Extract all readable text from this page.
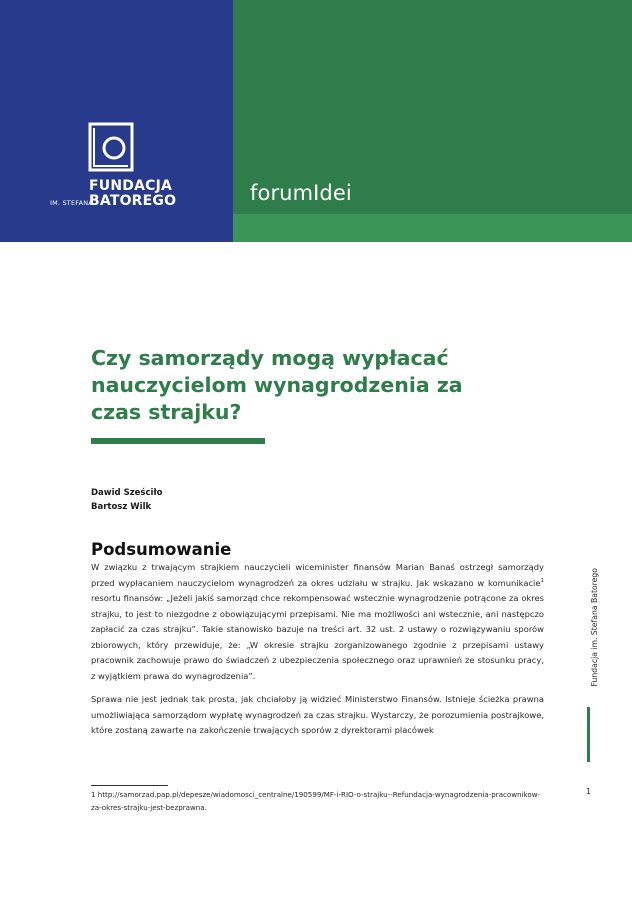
IM. STEFANA
FUNDACJA
BATOREGO	forumIdei
Czy samorządy mogą wypłacać nauczycielom wynagrodzenia za czas strajku?
Dawid Sześciło
Bartosz Wilk
Podsumowanie

W związku z trwającym strajkiem nauczycieli wiceminister finansów Marian Banaś ostrzegł samorządy przed wypłacaniem nauczycielom wynagrodzeń za okres udziału w strajku. Jak wskazano w komunikacie$^1$ resortu finansów: „Jeżeli jakiś samorząd chce rekompensować wstecznie wynagrodzenie potrącone za okres strajku, to jest to niezgodne z obowiązującymi przepisami. Nie ma możliwości ani wstecznie, ani następczo zapłacić za czas strajku”. Takie stanowisko bazuje na treści art. 32 ust. 2 ustawy o rozwiązywaniu sporów zbiorowych, który przewiduje, że: „W okresie strajku zorganizowanego zgodnie z przepisami ustawy pracownik zachowuje prawo do świadczeń z ubezpieczenia społecznego oraz uprawnień ze stosunku pracy, z wyjątkiem prawa do wynagrodzenia”.

Sprawa nie jest jednak tak prosta, jak chciałoby ją widzieć Ministerstwo Finansów. Istnieje ścieżka prawna umożliwiająca samorządom wypłatę wynagrodzeń za czas strajku. Wystarczy, że porozumienia postrajkowe, które zostaną zawarte na zakończenie trwających sporów z dyrektorami placówek

1 http://samorzad.pap.pl/depesze/wiadomosci_centralne/190599/MF-i-RIO-o-strajku--Refundacja-wynagrodzenia-pracownikow-za-okres-strajku-jest-bezprawna.
Fundacja im. Stefana Batorego
1
